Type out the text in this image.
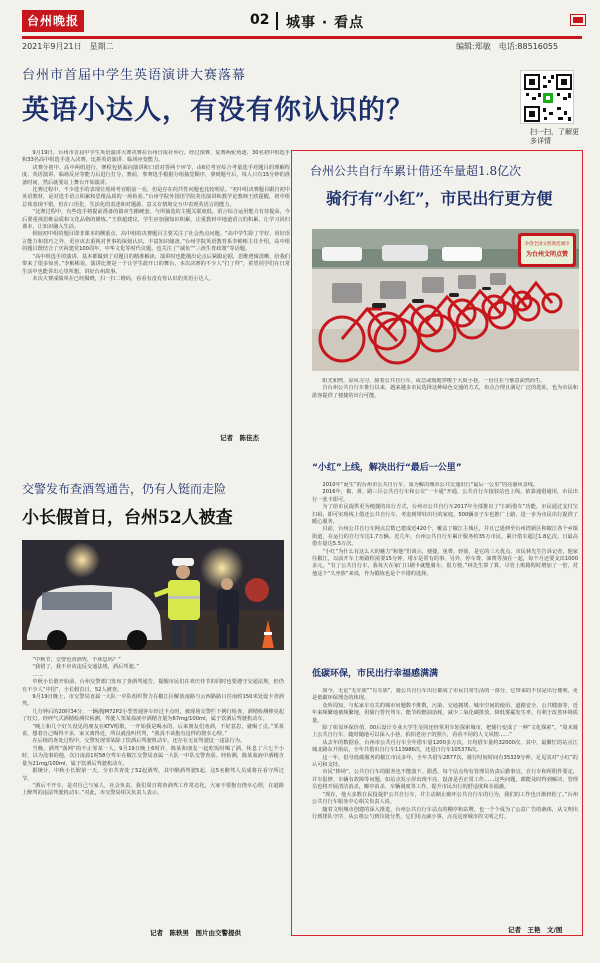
台州晚报	02 城事 · 看点
2021年9月21日　星期二	编辑:郑敏　电话:88516055
台州市首届中学生英语演讲大赛落幕
英语小达人，有没有你认识的？
扫一扫，了解更多详情

9月19日，台州市首届中学生英语演讲大赛决赛在台州日报社举行，经过预赛、复赛两轮角逐，30名初中组选手和33名高中组选手进入决赛，比拼英语演讲、临场应变能力。

决赛分初中、高中两组进行，赛程包括面向演讲和口语对答两个环节，由6位考官综合考量选手对题目的理解程度、英语演讲、临场反应等能力后进行打分。赛前，参赛选手根据分组抽签顺序，拿到题号后，每人只有15分钟的准备时间，然后就要站上舞台开始演讲。

比赛过程中，不少选手的表现让现场考官眼前一亮，但是存在的共性问题也比较明显。“初中组决赛题目跟自初中英语教材，是对选手语言积累和思维品质的一场检验。”台州学院外国语学院英语演讲和教学论教师王欣提醒，初中组总体表现不错，但在口语化、生活化的表述和对题源、意义在情境交互中表现英语言的能力。

“比赛过程中，有些选手将提前准备的篇章生搬硬套，与所抽选的主题关联度低，语言综合运用能力有待提高，今后要重视思维品质和文化品格的锤炼。”王欣超建议，学生应加强知识积累，注重教材中地道语言的积累，让学习回归课本，让知识融入生活。

相较初中组的题目即非课本的侧重点，高中组的决赛题目主要关注了社会热点问题。“高中学生除了学好、用好语言能力和技巧之外，更应该去重视对世事的深刻认识，丰富知识储备。”台州学院英语教育系李彬彬主任介绍，高中组的题目既结合了庆祝建党100周年、中华文化等时代议题，也关注了“减负”“三孩生育政策”等话题。

“高中组选手的演讲，基本都做到了对题目的精准解读，演讲时也能抛出论点后紧跟论据，思维逻辑清晰，给我们带来了很多惊喜。”李彬彬说，演讲比赛是一个让学生敢开口的舞台，本次决赛的不少人“打了样”，希望同学们在日常生活中也能讲出心里所想，讲好台州故事。

本次大赛成绩单在已经揭晓，扫一扫二维码，看看有没有你认识的英语小达人。

记者　陈佳杰
交警发布查酒驾通告，仍有人铤而走险
小长假首日，台州52人被查

“中秋节，交警也查酒驾，不休息吗？”

“我错了，我不应该违反交通法规，酒后驾驶。”

……

中秋小长假开始前，台州交警部门发布了查酒驾通告，提醒市民们在欢庆佳节的同时也要遵守交通法规，但仍有不少人“中招”，小长假首日，52人被查。

9月19日晚上，市交警局直属一大队一中队组织警力在椒江区解放南路与云西路路口往南约150米处设卡查酒驾。

几分钟后的20时34分，一辆浙JM72P2小型普通客车经过卡点时，被现场交警拦下例行检查，酒精检测棒亮起了红灯。经呼气式酒精检测仪检测，驾驶人邹某血液中酒精含量为67mg/100ml，属于饮酒后驾驶机动车。

“晚上和几个好久没见的朋友在KTV唱歌，一开始我是喝水的，后来朋友们劝酒，不好意思，就喝了点。”邹某说，想着自己喝得不多，家又离得近，所以就没叫代驾，“我真不该抱有这样的侥幸心理。”

在后续的查处过程中，交警发现邹某除了饮酒后驾驶机动车，还存在无证驾驶这一违法行为。

当晚，酒驾“落网”的不止邹某一人。9月19日晚上6时许，陈某和朋友一起吃饭时喝了酒，休息了六七个小时，以为没事的他，次日凌晨1时58分驾车在椒江交警局直属一大队一中队交警查获。经检测，陈某血液中酒精含量为21mg/100ml，属于饮酒后驾驶机动车。

据统计，中秋小长假第一天，全市共查处了52起酒驾，其中醉酒驾驶5起，这5名醉驾人员成将在看守所过节。

“酒后不开车，是对自己与家人，社会负责。我们周日将查酒驾工作常态化，大家不要抱有侥幸心理，在道路上醉驾的违法驾驶机动车。”对此，市交警局相关负责人表示。

记者　陈轶男　图片由交警提供
台州公共自行车累计借还车量超1.8亿次
骑行有“小红”，市民出行更方便
争创全国文明典范城市
为台州文明点赞

阳光和煦，凉风习习，骑着公共自行车，或急或缓地穿梭于大街小巷，一份自在与惬意油然而生。

自台州公共自行车推行以来，越来越多市民选择这种绿色交通的方式，布点合理且满足广泛的选址，也为市民和游客提供了便捷的出行可能。

“小红”上线，解决出行“最后一公里”

2010年“诞生”的台州市公共自行车，成为解决城市公共交通出行“最后一公里”的亮丽风景线。

2016年，椒、黄、路三区公共自行车和公交“一卡通”开通，公共自行车接驳站也上线，依靠通借通用，市民出行一张卡即可。

为了给市民提供更为便捷的出行方式，台州市公共自行车2017年全部推出了“扫码借车”功能，市民通过支付宝扫码，即可实现线上借还公共自行车，考虑到带娃出行的家庭，500辆亲子车也推广上路，进一步为市民出行提供了暖心服务。

目前，台州公共自行车网点总数已建成近420个，覆盖了椒江主城区，并且已延伸至台州湾新区和椒江各个乡镇街道，在运行的自行车达1.7万辆。近几年，台州公共自行车累计服务约35万市民，累计借车超过1.8亿次，日最高借车量达5.5万次。

“小红”为什么有这么大的魅力”和他“们谈示，便捷、免费、轻盈，是它的三大优点。市民林先生告诉记者，他家住椒江，以前开车上班路程需要15分钟，堵车是常有的事，另外，停车费、油费等加在一起，每个月还要支出1000多元，“有了公共自行车，我每天在家门口刷卡就能骑车，很方便。”林先生算了算，尽管上班路程时增加了一倍，对他这个“久坐族”来说，作为锻炼也是个不错的选择。

低碳环保，市民出行幸福感满满

如今，无论“无车族”“有车族”，骑公共自行车出行都成了市民日常生活的一部分，它带来的不仅是出行便利，更是低碳环保理念的体现。

众所周知，与私家车有关的城市问题数不胜数，污染、交通拥堵、城市空间的使用、道路安全、公共健康等，近年来频繁地被频繁地，用骑行替代驾车、能节约燃油消耗，减少二氧化碳排放，降低雾霾发生率，有利于改善环境质量。

除了彰显环保价值，00后设计专业大学生吴同还经常用车轮探索城市，把骑行变成了一种“文化探索”。“周末骑上公共自行车，随时随地可以深入小巷，拍拍老房子的照片，看看不同的人文风情……”

从去年的数据看，台州市公共自行车全年借车量1200多万次，日均借车量约32000次，其中，最繁忙的站点江城北路东升街站，全年共借出自行车113986次，还进日行车105376次。

这一年，倡导低碳服务的椒江市民多年，全年共借车2877次，骑行时间时间有35329分钟，足见其对“小红”的认可和支持。

市民“捧场”，公共自行车的服务也不能落下。据悉，每个站点均有管理员负责后勤事宜，自行车和所附件要定，并车报修、车辆有故障等问题，如站点发示屏出现不亮，设备是否正常工作……这些问题，都能及时得到解决，管理员也将开展清洁消杀，椰亭消杀、车辆调度等工作，提升市民出行的舒适度和幸福感。

“现在，他大多数在民投提护公共自行车，并主动制止破坏公共自行车的行为，我们的工作也日渐轻松了。”台州公共自行车服务中心相关负责人说。

随着文明城市创建的深入推进，台州公共自行车站点的棚亭和站牌，也一个个成为了公益广告的载体，从文明出行到排队守序，从公筷公勺到垃圾分类，它们用点滴小事，点亮这座城市的文明之灯。

记者　王艳　文/图
